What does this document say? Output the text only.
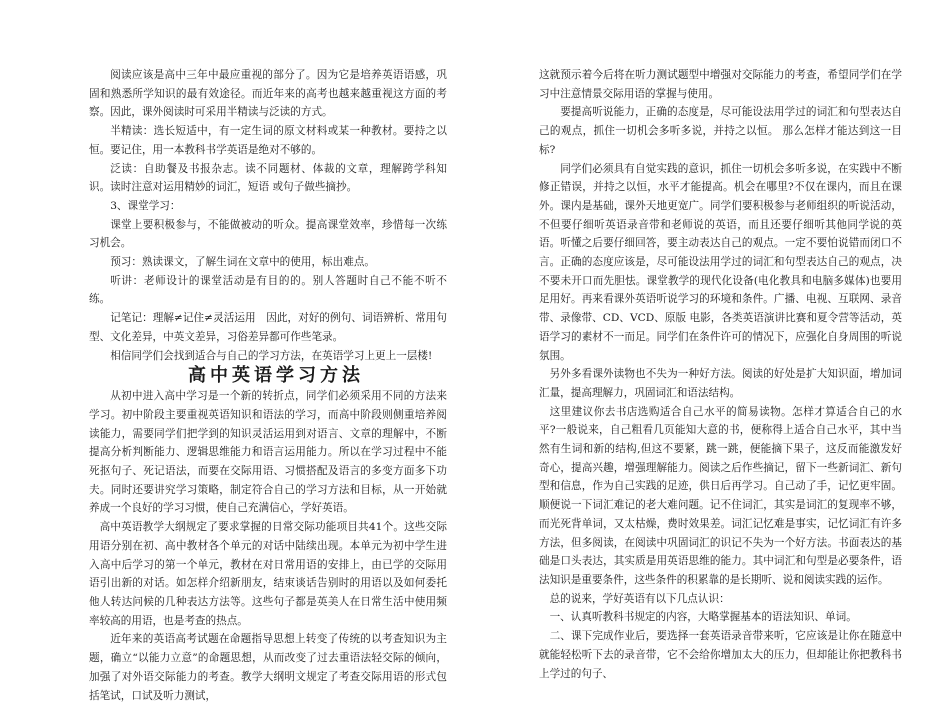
阅读应该是高中三年中最应重视的部分了。因为它是培养英语语感，巩固和熟悉所学知识的最有效途径。而近年来的高考也越来越重视这方面的考察。因此，课外阅读时可采用半精读与泛读的方式。

半精读：选长短适中，有一定生词的原文材料或某一种教材。要持之以恒。要记住，用一本教科书学英语是绝对不够的。

泛读：自助餐及书报杂志。读不同题材、体裁的文章，理解跨学科知识。读时注意对运用精妙的词汇，短语 或句子做些摘抄。

3、课堂学习：

课堂上要积极参与，不能做被动的听众。提高课堂效率，珍惜每一次练习机会。

预习：熟读课文，了解生词在文章中的使用，标出难点。

听讲：老师设计的课堂活动是有目的的。别人答题时自己不能不听不练。

记笔记：理解≠记住≠灵活运用　因此，对好的例句、词语辨析、常用句型、文化差异，中英文差异，习俗差异都可作些笔录。

相信同学们会找到适合与自己的学习方法，在英语学习上更上一层楼!

高中英语学习方法

从初中进入高中学习是一个新的转折点，同学们必须采用不同的方法来学习。初中阶段主要重视英语知识和语法的学习，而高中阶段则侧重培养阅读能力，需要同学们把学到的知识灵活运用到对语言、文章的理解中，不断提高分析判断能力、逻辑思维能力和语言运用能力。所以在学习过程中不能死抠句子、死记语法，而要在交际用语、习惯搭配及语言的多变方面多下功夫。同时还要讲究学习策略，制定符合自己的学习方法和目标，从一开始就养成一个良好的学习习惯，使自己充满信心，学好英语。

高中英语教学大纲规定了要求掌握的日常交际功能项目共41个。这些交际用语分别在初、高中教材各个单元的对话中陆续出现。本单元为初中学生进入高中后学习的第一个单元，教材在对日常用语的安排上，由已学的交际用语引出新的对话。如怎样介绍新朋友，结束谈话告别时的用语以及如何委托他人转达问候的几种表达方法等。这些句子都是英美人在日常生活中使用频率较高的用语，也是考查的热点。

近年来的英语高考试题在命题指导思想上转变了传统的以考查知识为主题，确立“以能力立意”的命题思想，从而改变了过去重语法轻交际的倾向，加强了对外语交际能力的考查。教学大纲明文规定了考查交际用语的形式包括笔试，口试及听力测试，

这就预示着今后将在听力测试题型中增强对交际能力的考查，希望同学们在学习中注意情景交际用语的掌握与使用。

要提高听说能力，正确的态度是，尽可能设法用学过的词汇和句型表达自己的观点，抓住一切机会多听多说，并持之以恒。 那么怎样才能达到这一目标?

同学们必须具有自觉实践的意识，抓住一切机会多听多说，在实践中不断修正错误，并持之以恒，水平才能提高。机会在哪里?不仅在课内，而且在课外。课内是基础，课外天地更宽广。同学们要积极参与老师组织的听说活动，不但要仔细听英语录音带和老师说的英语，而且还要仔细听其他同学说的英语。听懂之后要仔细回答，要主动表达自己的观点。一定不要怕说错而闭口不言。正确的态度应该是，尽可能设法用学过的词汇和句型表达自己的观点，决不要未开口而先胆怯。课堂教学的现代化设备(电化教具和电脑多媒体)也要用足用好。再来看课外英语听说学习的环境和条件。广播、电视、互联网、录音带、录像带、CD、VCD、原版 电影，各类英语演讲比赛和夏令营等活动，英语学习的素材不一而足。同学们在条件许可的情况下，应强化自身周围的听说氛围。

另外多看课外读物也不失为一种好方法。阅读的好处是扩大知识面，增加词汇量，提高理解力，巩固词汇和语法结构。

这里建议你去书店选购适合自己水平的简易读物。怎样才算适合自己的水平?一般说来，自己粗看几页能知大意的书，便称得上适合自己水平，其中当然有生词和新的结构,但这不要紧，跳一跳，便能摘下果子，这反而能激发好奇心，提高兴趣，增强理解能力。阅读之后作些摘记，留下一些新词汇、新句型和信息，作为自己实践的足迹，供日后再学习。自己动了手，记忆更牢固。 顺便说一下词汇难记的老大难问题。记不住词汇，其实是词汇的复现率不够，而光死背单词，又太枯燥，费时效果差。词汇记忆难是事实，记忆词汇有许多方法，但多阅读，在阅读中巩固词汇的识记不失为一个好方法。书面表达的基础是口头表达，其实质是用英语思维的能力。其中词汇和句型是必要条件，语法知识是重要条件，这些条件的积累靠的是长期听、说和阅读实践的运作。

总的说来，学好英语有以下几点认识：

一、认真听教科书规定的内容，大略掌握基本的语法知识、单词。

二、课下完成作业后，要选择一套英语录音带来听，它应该是让你在随意中就能轻松听下去的录音带，它不会给你增加太大的压力，但却能让你把教科书上学过的句子、
